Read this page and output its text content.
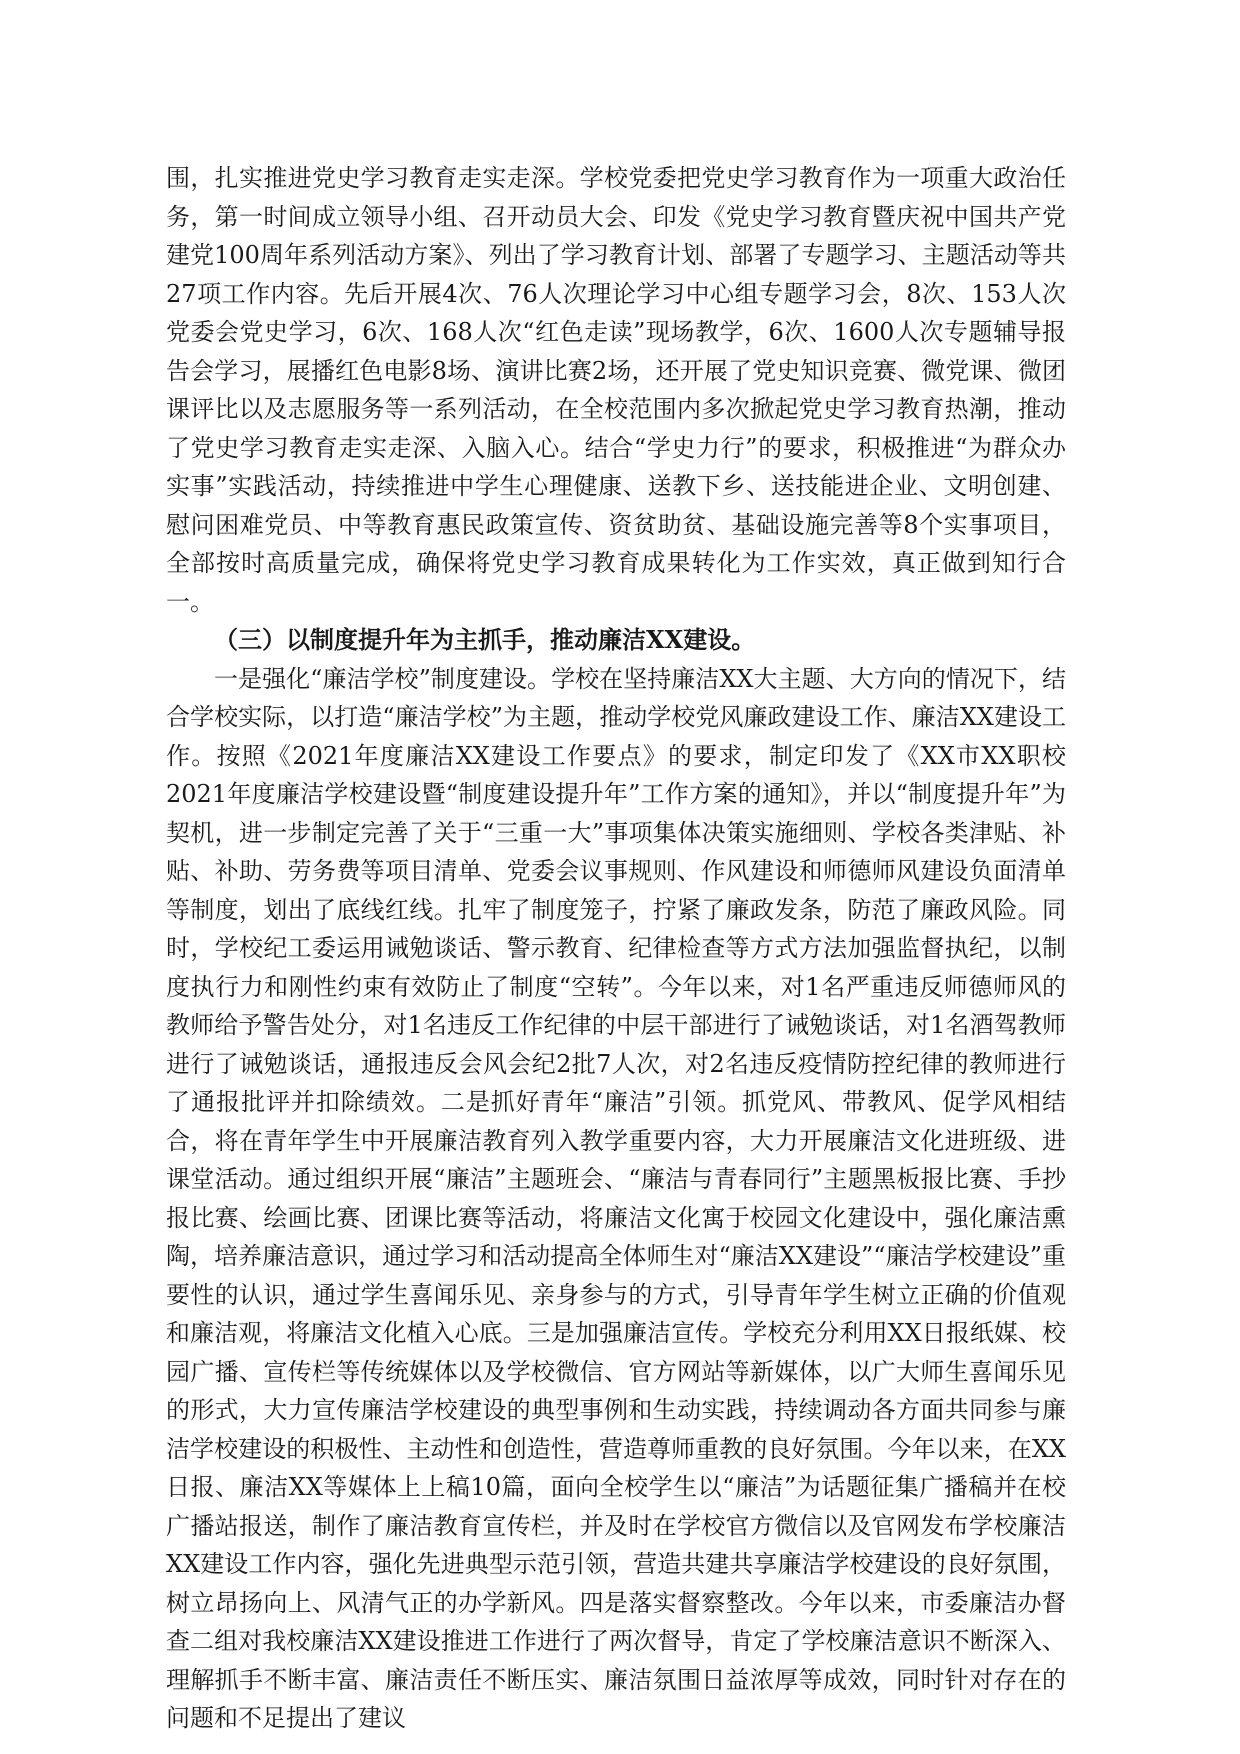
围，扎实推进党史学习教育走实走深。学校党委把党史学习教育作为一项重大政治任务，第一时间成立领导小组、召开动员大会、印发《党史学习教育暨庆祝中国共产党建党100周年系列活动方案》、列出了学习教育计划、部署了专题学习、主题活动等共27项工作内容。先后开展4次、76人次理论学习中心组专题学习会，8次、153人次党委会党史学习，6次、168人次“红色走读”现场教学，6次、1600人次专题辅导报告会学习，展播红色电影8场、演讲比赛2场，还开展了党史知识竞赛、微党课、微团课评比以及志愿服务等一系列活动，在全校范围内多次掀起党史学习教育热潮，推动了党史学习教育走实走深、入脑入心。结合“学史力行”的要求，积极推进“为群众办实事”实践活动，持续推进中学生心理健康、送教下乡、送技能进企业、文明创建、慰问困难党员、中等教育惠民政策宣传、资贫助贫、基础设施完善等8个实事项目，全部按时高质量完成，确保将党史学习教育成果转化为工作实效，真正做到知行合一。

（三）以制度提升年为主抓手，推动廉洁XX建设。

一是强化“廉洁学校”制度建设。学校在坚持廉洁XX大主题、大方向的情况下，结合学校实际，以打造“廉洁学校”为主题，推动学校党风廉政建设工作、廉洁XX建设工作。按照《2021年度廉洁XX建设工作要点》的要求，制定印发了《XX市XX职校2021年度廉洁学校建设暨“制度建设提升年”工作方案的通知》，并以“制度提升年”为契机，进一步制定完善了关于“三重一大”事项集体决策实施细则、学校各类津贴、补贴、补助、劳务费等项目清单、党委会议事规则、作风建设和师德师风建设负面清单等制度，划出了底线红线。扎牢了制度笼子，拧紧了廉政发条，防范了廉政风险。同时，学校纪工委运用诫勉谈话、警示教育、纪律检查等方式方法加强监督执纪，以制度执行力和刚性约束有效防止了制度“空转”。今年以来，对1名严重违反师德师风的教师给予警告处分，对1名违反工作纪律的中层干部进行了诫勉谈话，对1名酒驾教师进行了诫勉谈话，通报违反会风会纪2批7人次，对2名违反疫情防控纪律的教师进行了通报批评并扣除绩效。二是抓好青年“廉洁”引领。抓党风、带教风、促学风相结合，将在青年学生中开展廉洁教育列入教学重要内容，大力开展廉洁文化进班级、进课堂活动。通过组织开展“廉洁”主题班会、“廉洁与青春同行”主题黑板报比赛、手抄报比赛、绘画比赛、团课比赛等活动，将廉洁文化寓于校园文化建设中，强化廉洁熏陶，培养廉洁意识，通过学习和活动提高全体师生对“廉洁XX建设”“廉洁学校建设”重要性的认识，通过学生喜闻乐见、亲身参与的方式，引导青年学生树立正确的价值观和廉洁观，将廉洁文化植入心底。三是加强廉洁宣传。学校充分利用XX日报纸媒、校园广播、宣传栏等传统媒体以及学校微信、官方网站等新媒体，以广大师生喜闻乐见的形式，大力宣传廉洁学校建设的典型事例和生动实践，持续调动各方面共同参与廉洁学校建设的积极性、主动性和创造性，营造尊师重教的良好氛围。今年以来，在XX日报、廉洁XX等媒体上上稿10篇，面向全校学生以“廉洁”为话题征集广播稿并在校广播站报送，制作了廉洁教育宣传栏，并及时在学校官方微信以及官网发布学校廉洁XX建设工作内容，强化先进典型示范引领，营造共建共享廉洁学校建设的良好氛围，树立昂扬向上、风清气正的办学新风。四是落实督察整改。今年以来，市委廉洁办督查二组对我校廉洁XX建设推进工作进行了两次督导，肯定了学校廉洁意识不断深入、理解抓手不断丰富、廉洁责任不断压实、廉洁氛围日益浓厚等成效，同时针对存在的问题和不足提出了建议
